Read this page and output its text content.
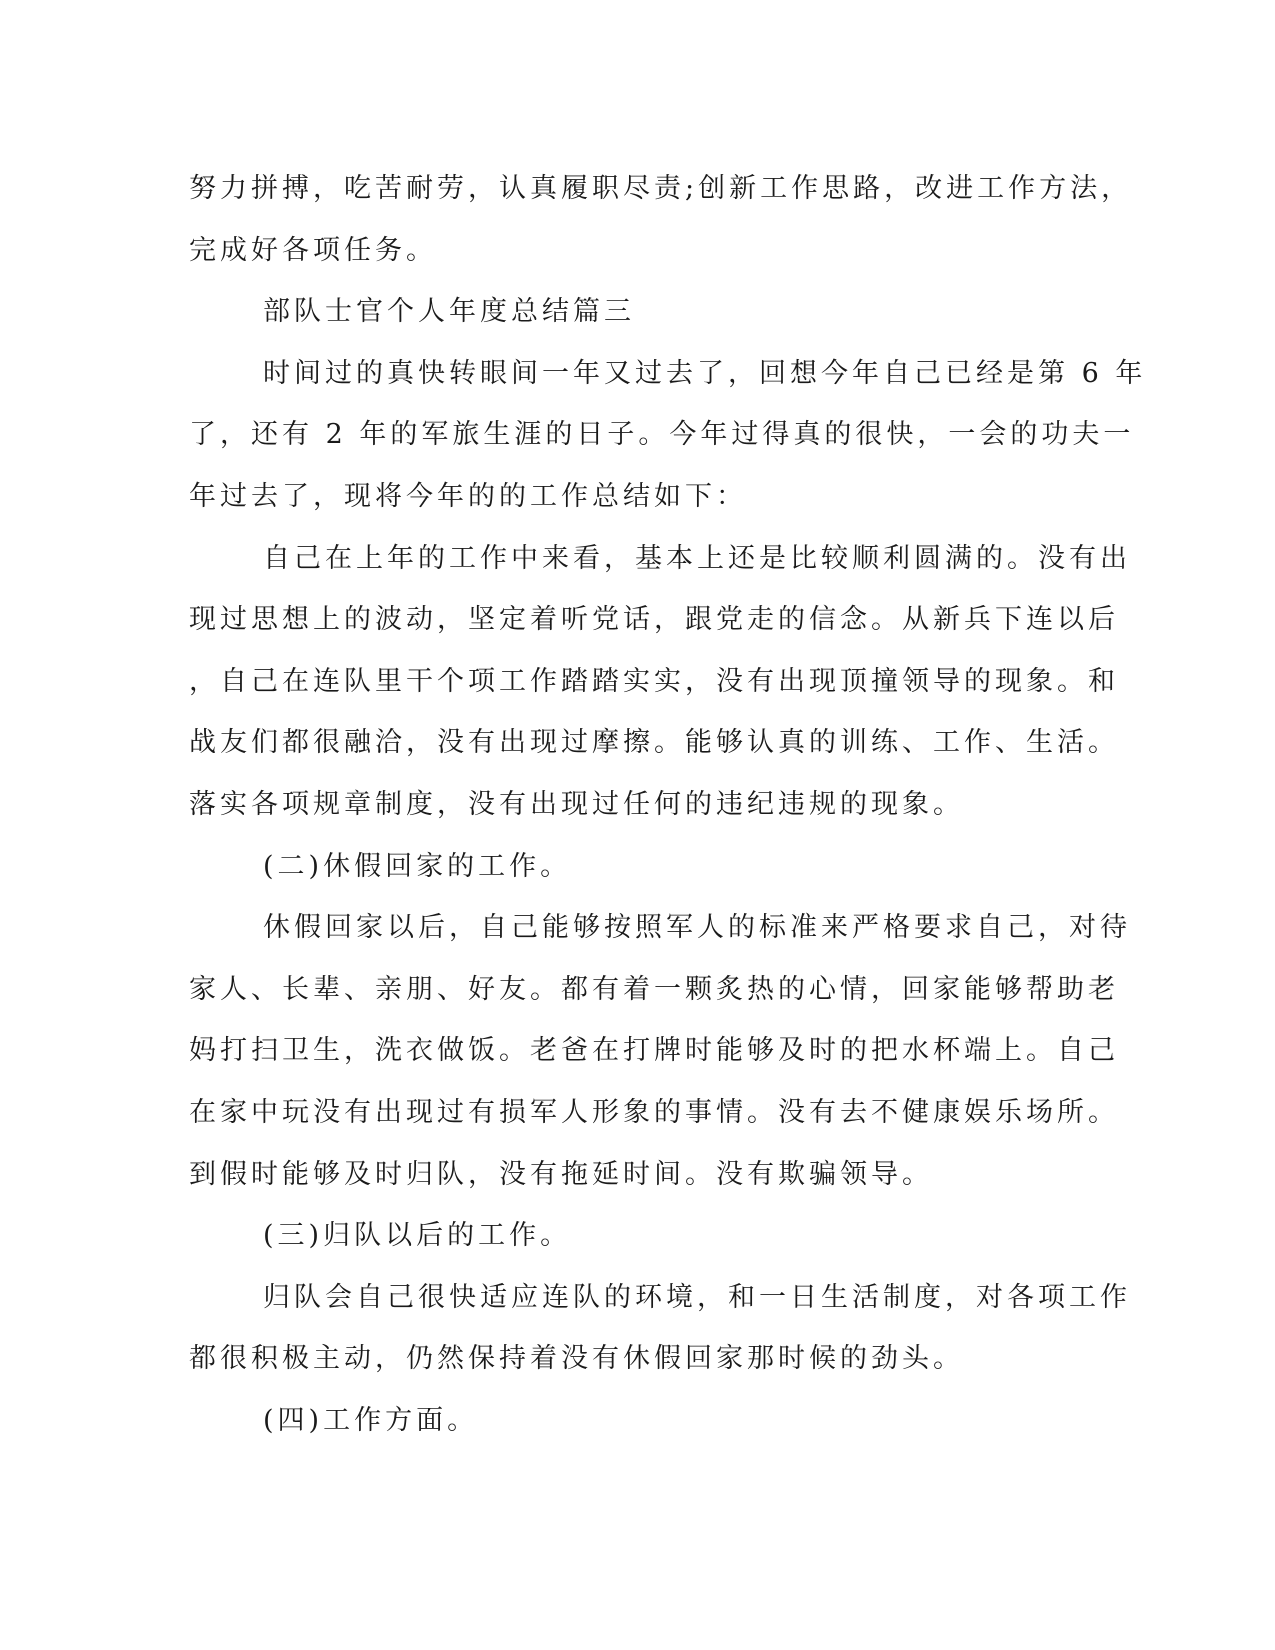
努力拼搏，吃苦耐劳，认真履职尽责;创新工作思路，改进工作方法，
完成好各项任务。
部队士官个人年度总结篇三
时间过的真快转眼间一年又过去了，回想今年自己已经是第 6 年
了，还有 2 年的军旅生涯的日子。今年过得真的很快，一会的功夫一
年过去了，现将今年的的工作总结如下：
自己在上年的工作中来看，基本上还是比较顺利圆满的。没有出
现过思想上的波动，坚定着听党话，跟党走的信念。从新兵下连以后
，自己在连队里干个项工作踏踏实实，没有出现顶撞领导的现象。和
战友们都很融洽，没有出现过摩擦。能够认真的训练、工作、生活。
落实各项规章制度，没有出现过任何的违纪违规的现象。
(二)休假回家的工作。
休假回家以后，自己能够按照军人的标准来严格要求自己，对待
家人、长辈、亲朋、好友。都有着一颗炙热的心情，回家能够帮助老
妈打扫卫生，洗衣做饭。老爸在打牌时能够及时的把水杯端上。自己
在家中玩没有出现过有损军人形象的事情。没有去不健康娱乐场所。
到假时能够及时归队，没有拖延时间。没有欺骗领导。
(三)归队以后的工作。
归队会自己很快适应连队的环境，和一日生活制度，对各项工作
都很积极主动，仍然保持着没有休假回家那时候的劲头。
(四)工作方面。
